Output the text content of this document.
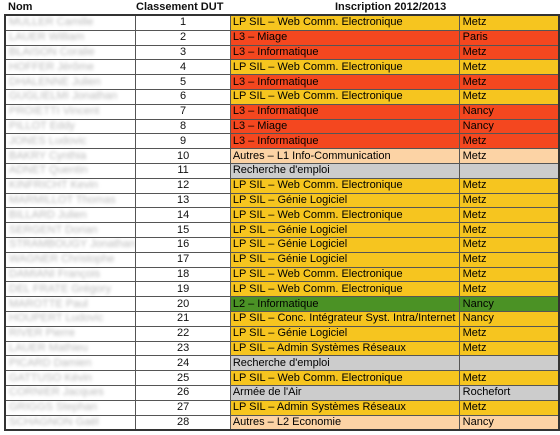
Nom	Classement DUT	Inscription 2012/2013
MULLER Camille	1	LP SIL – Web Comm. Electronique	Metz
LAUER William	2	L3 – Miage	Paris
BLAISON Coralie	3	L3 – Informatique	Metz
HOFFER Jérôme	4	LP SIL – Web Comm. Electronique	Metz
DHALENNE Julien	5	L3 – Informatique	Metz
GUGLIELMI Jonathan	6	LP SIL – Web Comm. Electronique	Metz
PROIETTI Vincent	7	L3 – Informatique	Nancy
PILLOT Eddy	8	L3 – Miage	Nancy
JONES Ludovic	9	L3 – Informatique	Metz
BAKRY Cynthia	10	Autres – L1 Info-Communication	Metz
ADNET Quentin	11	Recherche d'emploi	
KINFRICHT Kevin	12	LP SIL – Web Comm. Electronique	Metz
MARMILLOT Thomas	13	LP SIL – Génie Logiciel	Metz
BILLARD Julien	14	LP SIL – Web Comm. Electronique	Metz
SERGENT Dorian	15	LP SIL – Génie Logiciel	Metz
STRAMBOUGY Jonathan	16	LP SIL – Génie Logiciel	Metz
WAGNER Christophe	17	LP SIL – Génie Logiciel	Metz
DAMIANI François	18	LP SIL – Web Comm. Electronique	Metz
DEL FRATE Grégory	19	LP SIL – Web Comm. Electronique	Metz
MAROTTE Paul	20	L2 – Informatique	Nancy
HOUPERT Ludovic	21	LP SIL – Conc. Intégrateur Syst. Intra/Internet	Nancy
RIVER Pierre	22	LP SIL – Génie Logiciel	Metz
LAUER Mathieu	23	LP SIL – Admin Systèmes Réseaux	Metz
PICARD Damien	24	Recherche d'emploi	
GATTUSO Kévin	25	LP SIL – Web Comm. Electronique	Metz
CORNIER Jacques	26	Armée de l'Air	Rochefort
GRIGGS Stephan	27	LP SIL – Admin Systèmes Réseaux	Metz
SCHAGNON Gaël	28	Autres – L2 Economie	Nancy
